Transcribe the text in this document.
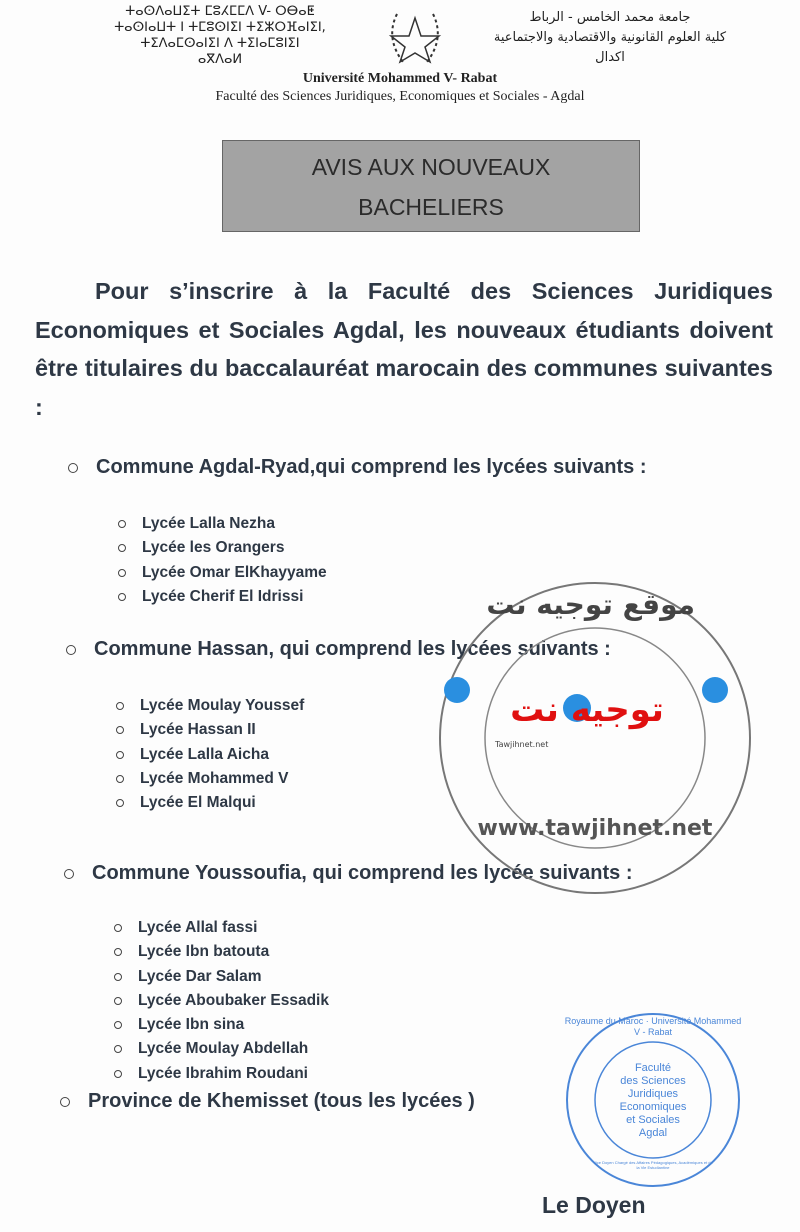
ⵜⴰⵙⴷⴰⵡⵉⵜ ⵎⵓⵃⵎⵎⴷ V- ⵔⴱⴰⵟ
ⵜⴰⵙⵏⴰⵡⵜ ⵏ ⵜⵎⵓⵙⵏⵉⵏ ⵜⵉⵣⵔⴼⴰⵏⵉⵏ,
ⵜⵉⴷⴰⵎⵙⴰⵏⵉⵏ ⴷ ⵜⵉⵏⴰⵎⵓⵏⵉⵏ
ⴰⴳⴷⴰⵍ
جامعة محمد الخامس - الرباط
كلية العلوم القانونية والاقتصادية والاجتماعية
اكدال
Université Mohammed V- Rabat
Faculté des Sciences Juridiques, Economiques et Sociales - Agdal
AVIS AUX NOUVEAUX
BACHELIERS
Pour s’inscrire à la Faculté des Sciences Juridiques Economiques et Sociales Agdal, les nouveaux étudiants doivent être titulaires du baccalauréat marocain des communes suivantes :
Commune Agdal-Ryad,qui comprend les lycées suivants :
Lycée Lalla Nezha
Lycée les Orangers
Lycée Omar ElKhayyame
Lycée Cherif El Idrissi
Commune Hassan, qui comprend les lycées suivants :
Lycée Moulay Youssef
Lycée Hassan II
Lycée Lalla Aicha
Lycée Mohammed V
Lycée El Malqui
Commune Youssoufia, qui comprend les lycée suivants :
Lycée Allal fassi
Lycée Ibn batouta
Lycée Dar Salam
Lycée Aboubaker Essadik
Lycée Ibn sina
Lycée Moulay Abdellah
Lycée Ibrahim Roudani
Province de Khemisset (tous les lycées )
Le Doyen
موقع توجيه نت
توجيه نت
Tawjihnet.net
www.tawjihnet.net
Royaume du Maroc · Université Mohammed V - Rabat
Vice Doyen Chargé des Affaires Pédagogiques, Académiques et de la Vie Estudiantine
Faculté
des Sciences
Juridiques
Economiques
et Sociales
Agdal
